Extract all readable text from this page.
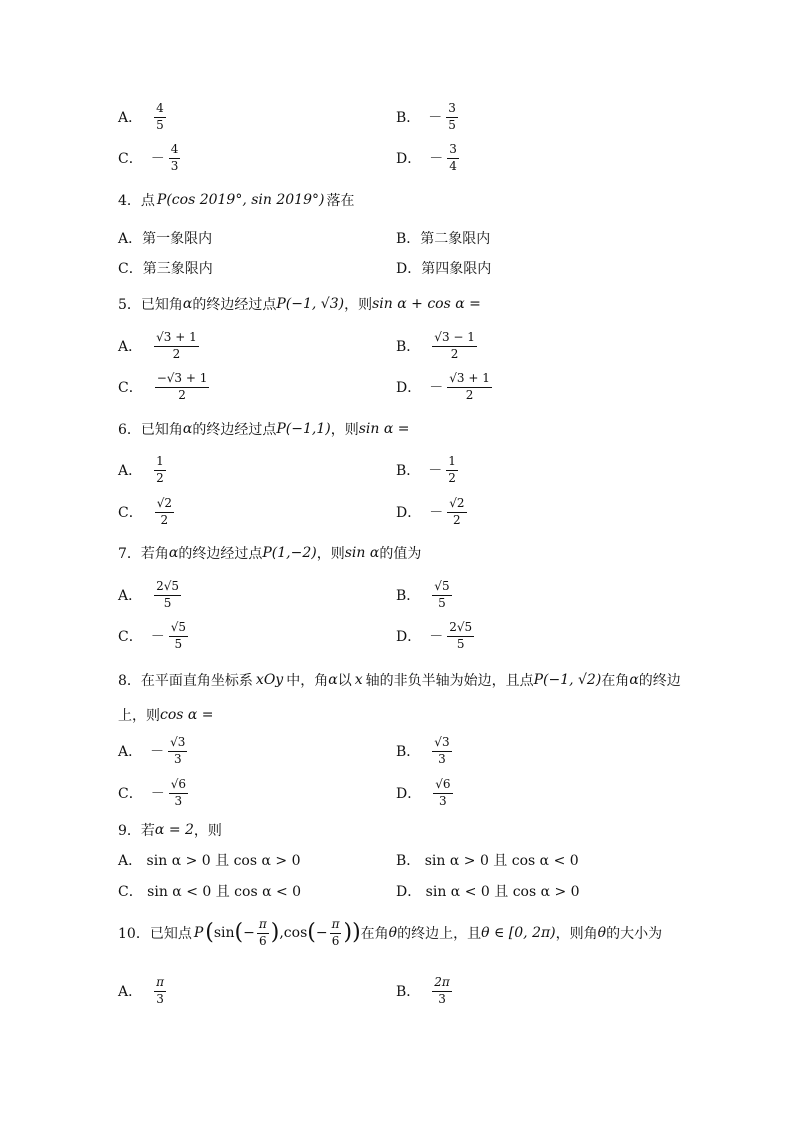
A． $\frac{4}{5}$	B． － $\frac{3}{5}$
C． － $\frac{4}{3}$	D． － $\frac{3}{4}$
4．点 P(cos 2019°, sin 2019°) 落在
A．第一象限内	B．第二象限内
C．第三象限内	D．第四象限内
5．已知角 α 的终边经过点 P(−1, √3) ，则 sin α + cos α =
A． $\frac{√3 + 1}{2}$	B． $\frac{√3 - 1}{2}$
C． $\frac{-√3 + 1}{2}$	D． － $\frac{√3 + 1}{2}$
6．已知角 α 的终边经过点 P(−1,1) ，则 sin α =
A． $\frac{1}{2}$	B． － $\frac{1}{2}$
C． $\frac{√2}{2}$	D． － $\frac{√2}{2}$
7．若角 α 的终边经过点 P(1,−2) ，则 sin α 的值为
A． $\frac{2√5}{5}$	B． $\frac{√5}{5}$
C． － $\frac{√5}{5}$	D． － $\frac{2√5}{5}$
8．在平面直角坐标系 xOy 中，角 α 以 x 轴的非负半轴为始边，且点 P(−1, √2) 在角 α 的终边
上，则 cos α =
A． － $\frac{√3}{3}$	B． $\frac{√3}{3}$
C． － $\frac{√6}{3}$	D． $\frac{√6}{3}$
9．若 α = 2 ，则
A． sin α > 0 且 cos α > 0	B． sin α > 0 且 cos α < 0
C． sin α < 0 且 cos α < 0	D． sin α < 0 且 cos α > 0
10．已知点 P ( sin ( − $\frac{\pi}{6}$ ) , cos ( − $\frac{\pi}{6}$ ) ) 在角 θ 的终边上，且 θ ∈ [0, 2π) ，则角 θ 的大小为
A． $\frac{\pi}{3}$	B． $\frac{2\pi}{3}$
